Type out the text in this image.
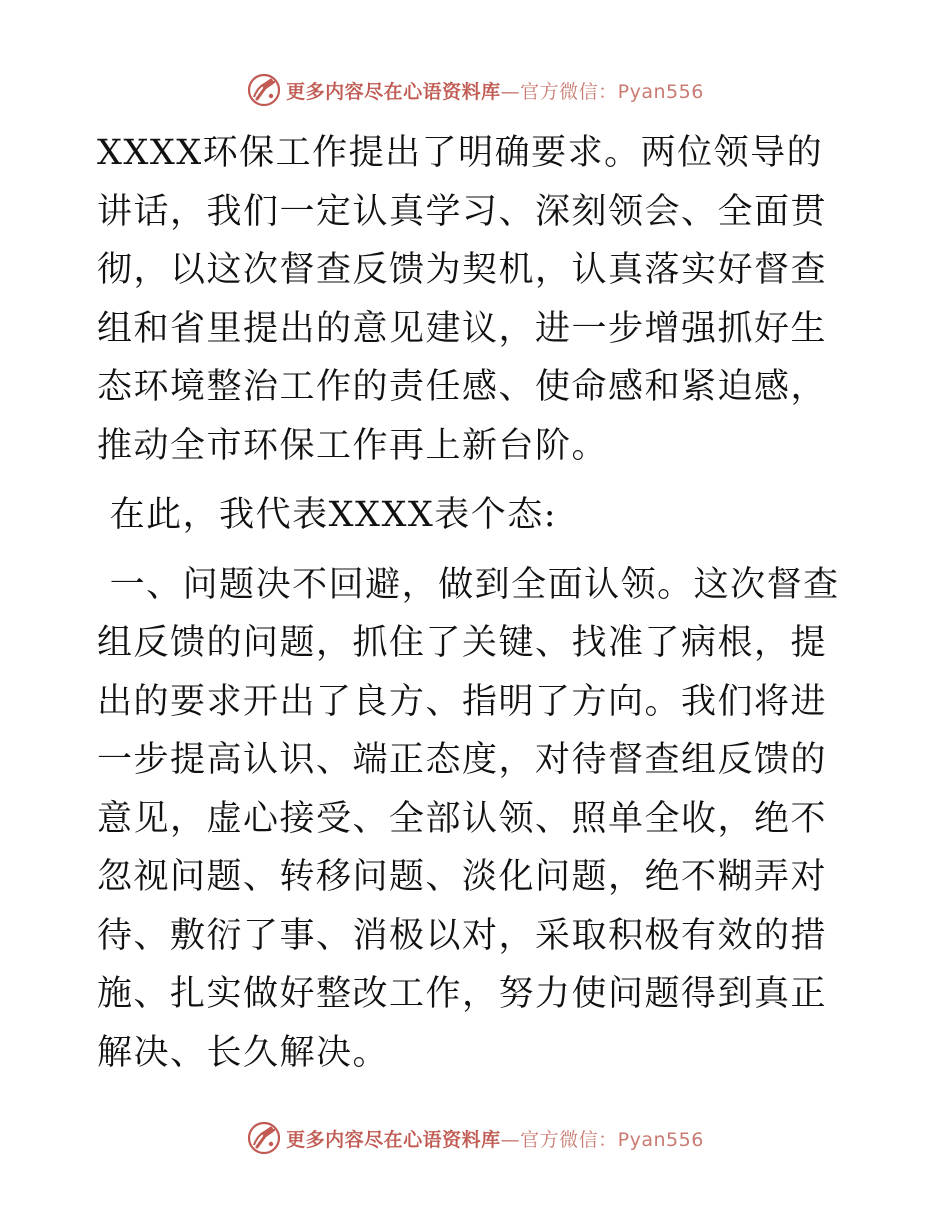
更多内容尽在心语资料库—官方微信：Pyan556

XXXX环保工作提出了明确要求。两位领导的讲话，我们一定认真学习、深刻领会、全面贯彻，以这次督查反馈为契机，认真落实好督查组和省里提出的意见建议，进一步增强抓好生态环境整治工作的责任感、使命感和紧迫感，推动全市环保工作再上新台阶。

在此，我代表XXXX表个态:

一、问题决不回避，做到全面认领。这次督查组反馈的问题，抓住了关键、找准了病根，提出的要求开出了良方、指明了方向。我们将进一步提高认识、端正态度，对待督查组反馈的意见，虚心接受、全部认领、照单全收，绝不忽视问题、转移问题、淡化问题，绝不糊弄对待、敷衍了事、消极以对，采取积极有效的措施、扎实做好整改工作，努力使问题得到真正解决、长久解决。

更多内容尽在心语资料库—官方微信：Pyan556
